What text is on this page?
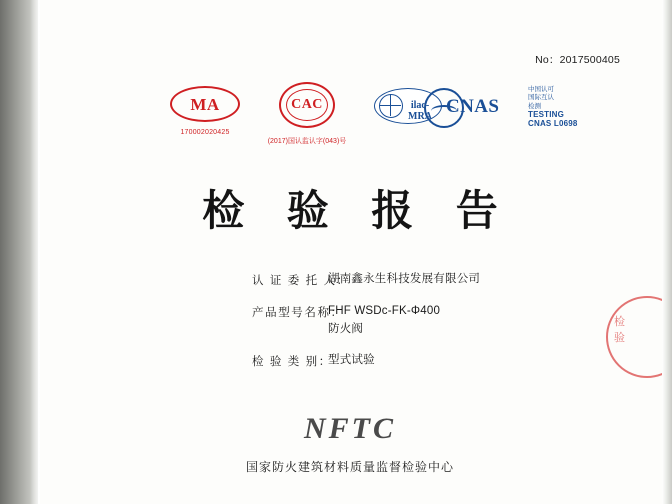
No：2017500405
MA
170002020425
CAC
(2017)国认监认字(043)号
ilac-MRA CNAS
中国认可
国际互认
检测
TESTING
CNAS L0698
检 验 报 告
认 证 委 托 人：
湖南鑫永生科技发展有限公司
产品型号名称：
FHF WSDc-FK-Φ400
防火阀
检 验 类 别：
型式试验
检
验
NFTC
国家防火建筑材料质量监督检验中心
